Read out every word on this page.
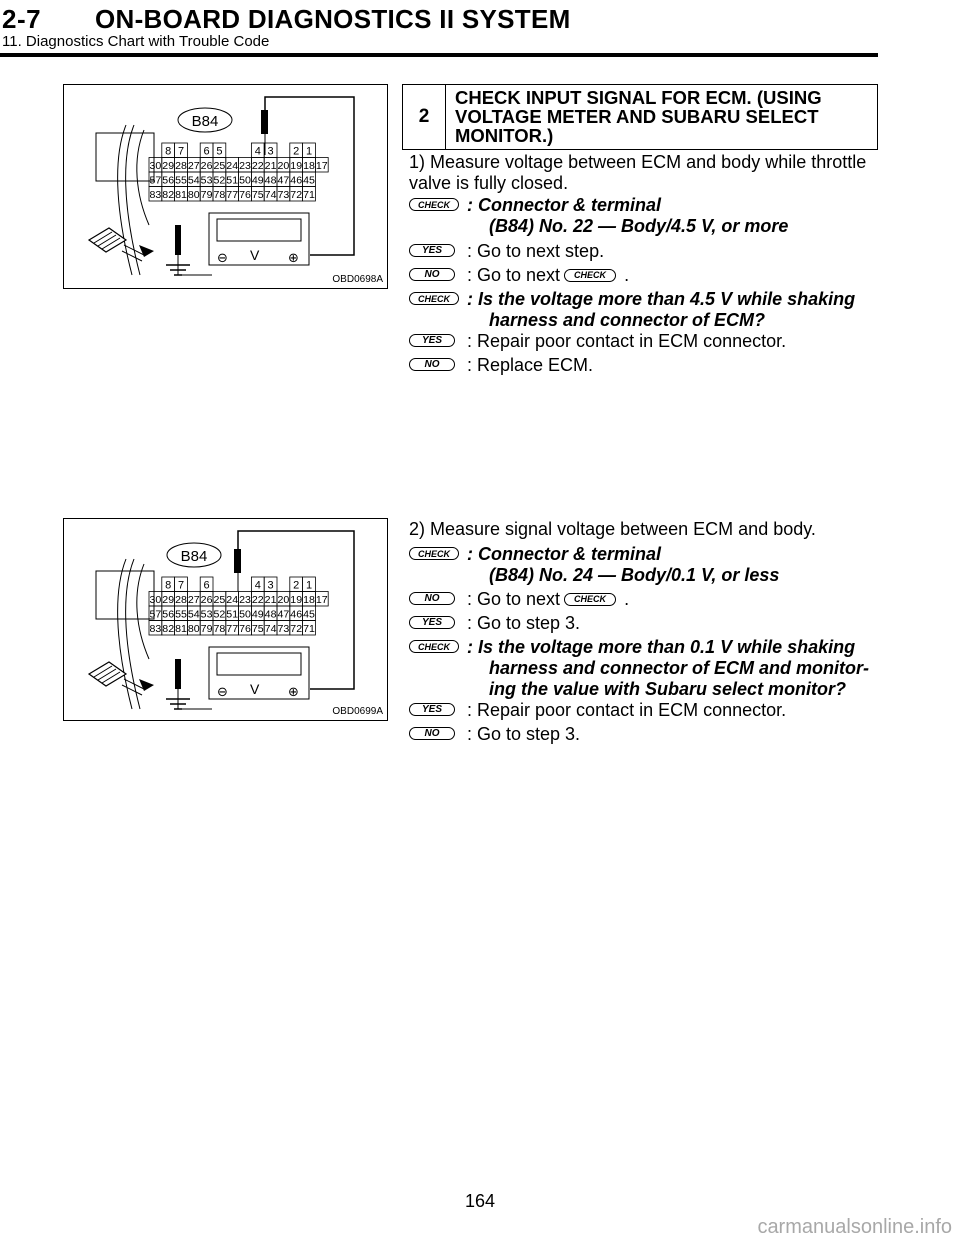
2-7 ON-BOARD DIAGNOSTICS II SYSTEM
11. Diagnostics Chart with Trouble Code
B84
8 7 6 5	4 3 2 1
30 29 28 27 26 25 24 23 22 21 20 19 18 17
57 56 55 54 53 52 51 50 49 48 47 46 45
83 82 81 80 79 78 77 76 75 74 73 72 71
⊖ V ⊕
OBD0698A
2
CHECK INPUT SIGNAL FOR ECM. (USING VOLTAGE METER AND SUBARU SELECT MONITOR.)
1) Measure voltage between ECM and body while throttle valve is fully closed.
CHECK : Connector & terminal
(B84) No. 22 — Body/4.5 V, or more
YES	: Go to next step.
NO	: Go to next CHECK .
CHECK : Is the voltage more than 4.5 V while shaking
harness and connector of ECM?
YES	: Repair poor contact in ECM connector.
NO	: Replace ECM.
B84
8 7 6	4 3 2 1
30 29 28 27 26 25 24 23 22 21 20 19 18 17
57 56 55 54 53 52 51 50 49 48 47 46 45
83 82 81 80 79 78 77 76 75 74 73 72 71
⊖ V ⊕
OBD0699A
2) Measure signal voltage between ECM and body.
CHECK : Connector & terminal
(B84) No. 24 — Body/0.1 V, or less
NO	: Go to next CHECK .
YES	: Go to step 3.
CHECK : Is the voltage more than 0.1 V while shaking
harness and connector of ECM and monitor-
ing the value with Subaru select monitor?
YES	: Repair poor contact in ECM connector.
NO	: Go to step 3.
164
carmanualsonline.info
